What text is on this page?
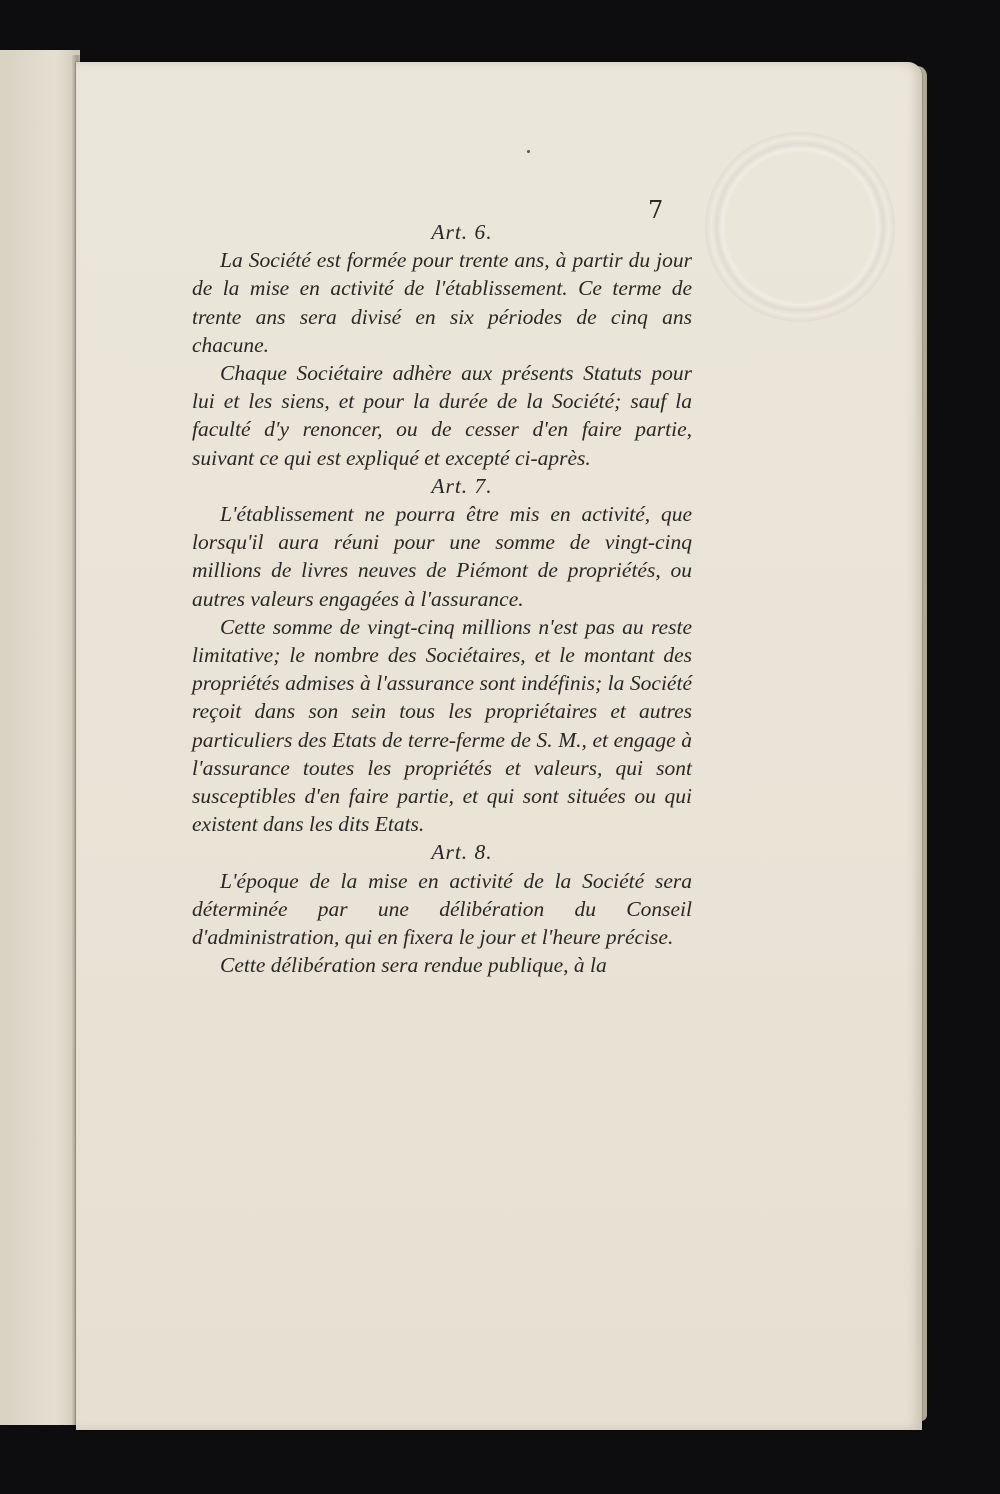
7

Art. 6.

La Société est formée pour trente ans, à partir du jour de la mise en activité de l'établissement. Ce terme de trente ans sera divisé en six périodes de cinq ans chacune.

Chaque Sociétaire adhère aux présents Statuts pour lui et les siens, et pour la durée de la Société; sauf la faculté d'y renoncer, ou de cesser d'en faire partie, suivant ce qui est expliqué et excepté ci-après.

Art. 7.

L'établissement ne pourra être mis en activité, que lorsqu'il aura réuni pour une somme de vingt-cinq millions de livres neuves de Piémont de propriétés, ou autres valeurs engagées à l'assurance.

Cette somme de vingt-cinq millions n'est pas au reste limitative; le nombre des Sociétaires, et le montant des propriétés admises à l'assurance sont indéfinis; la Société reçoit dans son sein tous les propriétaires et autres particuliers des Etats de terre-ferme de S. M., et engage à l'assurance toutes les propriétés et valeurs, qui sont susceptibles d'en faire partie, et qui sont situées ou qui existent dans les dits Etats.

Art. 8.

L'époque de la mise en activité de la Société sera déterminée par une délibération du Conseil d'administration, qui en fixera le jour et l'heure précise.

Cette délibération sera rendue publique, à la
